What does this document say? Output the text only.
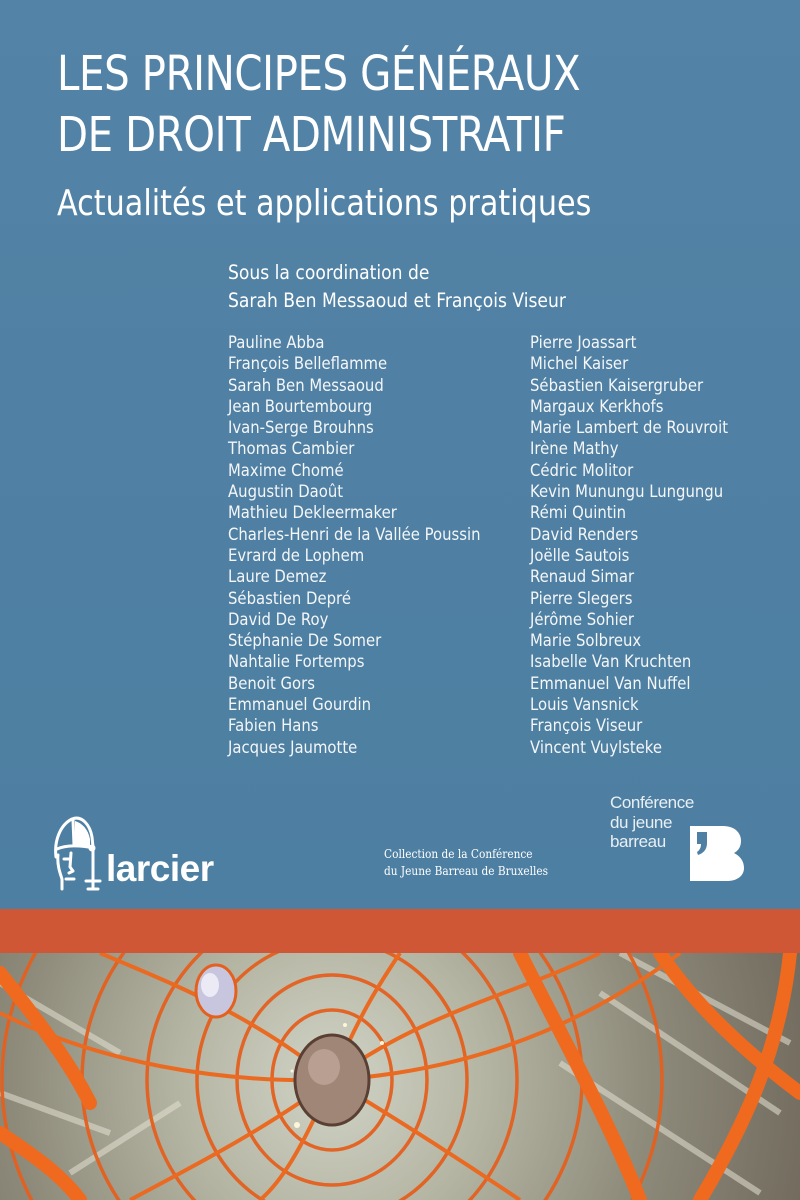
LES PRINCIPES GÉNÉRAUX
DE DROIT ADMINISTRATIF
Actualités et applications pratiques
Sous la coordination de
Sarah Ben Messaoud et François Viseur
Pauline Abba
François Belleflamme
Sarah Ben Messaoud
Jean Bourtembourg
Ivan-Serge Brouhns
Thomas Cambier
Maxime Chomé
Augustin Daoût
Mathieu Dekleermaker
Charles-Henri de la Vallée Poussin
Evrard de Lophem
Laure Demez
Sébastien Depré
David De Roy
Stéphanie De Somer
Nahtalie Fortemps
Benoit Gors
Emmanuel Gourdin
Fabien Hans
Jacques Jaumotte
Pierre Joassart
Michel Kaiser
Sébastien Kaisergruber
Margaux Kerkhofs
Marie Lambert de Rouvroit
Irène Mathy
Cédric Molitor
Kevin Munungu Lungungu
Rémi Quintin
David Renders
Joëlle Sautois
Renaud Simar
Pierre Slegers
Jérôme Sohier
Marie Solbreux
Isabelle Van Kruchten
Emmanuel Van Nuffel
Louis Vansnick
François Viseur
Vincent Vuylsteke
larcier	Collection de la Conférence
du Jeune Barreau de Bruxelles
Conférence
du jeune
barreau
